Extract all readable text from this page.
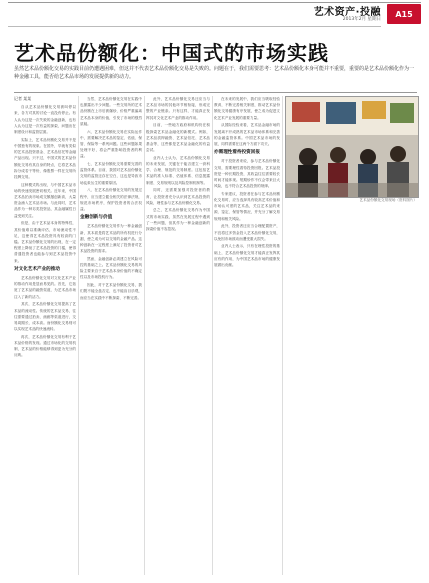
艺术资产·投融
2013年2月 星期日
A15
艺术品份额化：中国式的市场实践
虽然艺术品份额化交易的实践目前仍遭遇困难，但这并不代表艺术品份额化交易是失败的。问题在于，我们需要思考：艺术品份额化本身可能并不重要，重要的是艺术品份额化作为一种金融工具，能否给艺术品市场的发展提供新的动力。
记者 某某

自从艺术品份额化交易被叫停以来，各方对其的讨论一直没有停止。有人认为这是一次失败的金融创新，也有人认为这是一次有益的探索，问题出在制度设计和监管层面。

实际上，艺术品份额化交易并不是中国独有的现象。在国外，早就有类似的艺术品投资基金、艺术品信托等金融产品出现。只不过，中国式的艺术品份额化交易有其自身的特点，它将艺术品拆分成若干等份，像股票一样在交易所挂牌交易。

这种模式的出现，与中国艺术品市场的快速发展密切相关。近年来，中国艺术品拍卖市场成交额屡创新高，大量资金涌入艺术品市场。与此同时，艺术品作为一种另类投资品，其金融属性日益受到关注。

但是，由于艺术品本身的特殊性，其价值难以准确评估，市场流动性不足，这使得艺术品投资具有较高的门槛。艺术品份额化交易的出现，在一定程度上降低了艺术品投资的门槛，使得普通投资者也能参与到艺术品投资中来。

对文化艺术产业的推动

艺术品份额化交易对文化艺术产业的推动作用是显而易见的。首先，它拓宽了艺术品的融资渠道，为艺术品市场注入了新的活力。

其次，艺术品份额化交易提高了艺术品的流动性。传统的艺术品交易，往往需要通过拍卖、画廊等渠道进行，交易周期长、成本高。而份额化交易则可以实现艺术品的快速流转。

再次，艺术品份额化交易有利于艺术品价格的发现。通过市场化的交易机制，艺术品的价格能够得到更为充分的反映。

当然，艺术品份额化交易在实践中也暴露出不少问题。一些交易所的艺术品份额在上市后被爆炒，价格严重偏离艺术品本身的价值，引发了市场的强烈质疑。

六、艺术品份额化交易在实际运作中，需要解决艺术品的鉴定、估值、保管、保险等一系列问题。这些问题如果处理不好，将会严重影响投资者的利益。

七、艺术品份额化交易需要完善的监管体系。目前，我国对艺术品份额化交易的监管还存在空白，这也是导致市场乱象丛生的重要原因。

八、在艺术品份额化交易的发展过程中，应当建立健全相关的法律法规，规范市场秩序，保护投资者的合法权益。

金融创新与价值

艺术品份额化交易作为一种金融创新，其本质是将艺术品的所有权进行分割，使之成为可以交易的金融产品。这种创新在一定程度上满足了投资者对艺术品投资的需求。

然而，金融创新必须建立在风险可控的基础之上。艺术品份额化交易的风险主要来自于艺术品本身价值的不确定性以及市场投机行为。

因此，对于艺术品份额化交易，我们既不能全盘否定，也不能盲目乐观，而应当在实践中不断探索、不断完善。

此外，艺术品份额化交易还应当与艺术品市场的其他环节相衔接，形成完整的产业链条。只有这样，才能真正发挥其对文化艺术产业的推动作用。

目前，一些地方政府和机构仍在积极探索艺术品金融化的新模式。例如，艺术品质押融资、艺术品信托、艺术品基金等，这些都是艺术品金融化的有益尝试。

业内人士认为，艺术品份额化交易的未来发展，关键在于能否建立一套科学、合理、规范的交易制度。这包括艺术品的准入标准、估值体系、信息披露制度、交易规则以及风险控制机制等。

同时，还需要加强对投资者的教育，让投资者充分认识到艺术品投资的风险，理性参与艺术品份额化交易。

总之，艺术品份额化交易作为中国式的市场实践，虽然在发展过程中遇到了一些问题，但其作为一种金融创新的探索价值不容忽视。

在未来的发展中，我们应当吸取经验教训，不断完善相关制度，推动艺术品份额化交易健康有序发展，使之成为促进文化艺术产业发展的重要力量。

从国际经验来看，艺术品金融市场的发展离不开成熟的艺术品市场体系和完善的金融监管体系。中国艺术品市场的发展，同样需要在这两个方面下功夫。

亦需理性看待投资回报

对于投资者来说，参与艺术品份额化交易，需要理性看待投资回报。艺术品投资是一种长期投资，其收益往往需要较长时间才能体现。短期炒作不仅会带来巨大风险，也不符合艺术品投资的规律。

专家建议，投资者在参与艺术品份额化交易时，应当选择具有较高艺术价值和市场认可度的艺术品，关注艺术品的来源、鉴定、保管等情况，并充分了解交易规则和相关风险。

此外，投资者还应当合理配置资产，不宜将过多资金投入艺术品份额化交易，以免因市场波动而遭受重大损失。

业内人士表示，只有在理性投资的基础上，艺术品份额化交易才能真正发挥其应有的作用，为中国艺术品市场的健康发展做出贡献。

艺术品份额化交易现场（资料图片）
